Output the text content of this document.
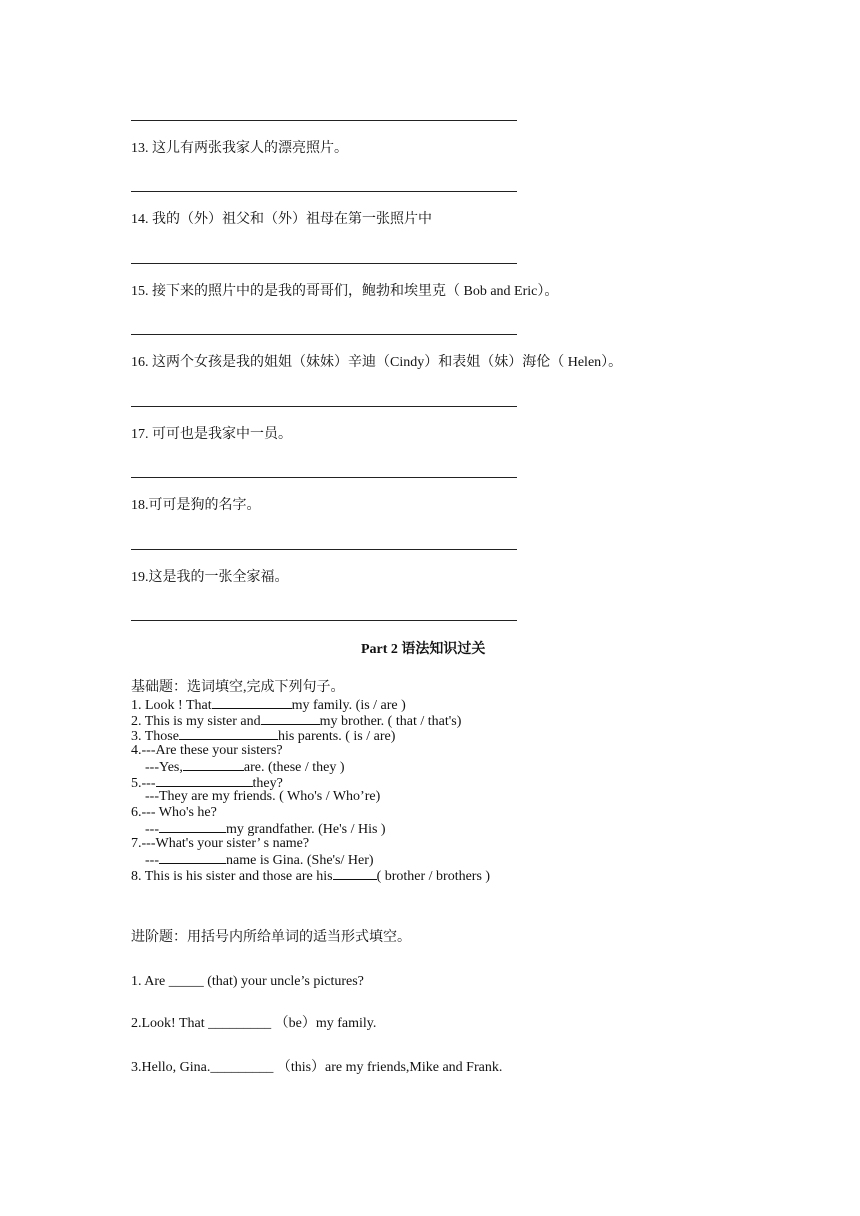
13. 这儿有两张我家人的漂亮照片。
14. 我的（外）祖父和（外）祖母在第一张照片中
15. 接下来的照片中的是我的哥哥们，鲍勃和埃里克（ Bob and Eric）。
16. 这两个女孩是我的姐姐（妹妹）辛迪（Cindy）和表姐（妹）海伦（ Helen）。
17. 可可也是我家中一员。
18.可可是狗的名字。
19.这是我的一张全家福。
Part 2 语法知识过关
基础题：选词填空,完成下列句子。
1. Look ! That	my family. (is / are )
2. This is my sister and	my brother. ( that / that's)
3. Those	his parents. ( is / are)
4.---Are these your sisters?
---Yes,	are. (these / they )
5.---	they?
---They are my friends. ( Who's / Who’re)
6.--- Who's he?
---	my grandfather. (He's / His )
7.---What's your sister’ s name?
---	name is Gina. (She's/ Her)
8. This is his sister and those are his	( brother / brothers )
进阶题：用括号内所给单词的适当形式填空。
1. Are _____ (that) your uncle’s pictures?
2.Look! That _________ （be）my family.
3.Hello, Gina._________ （this）are my friends,Mike and Frank.
